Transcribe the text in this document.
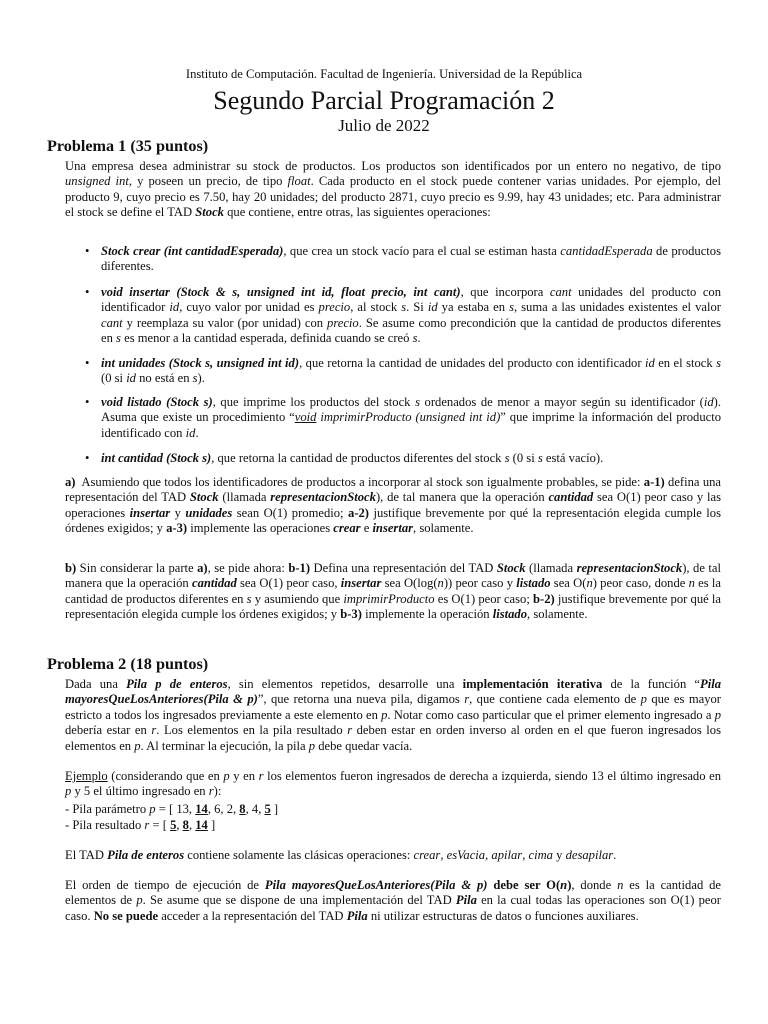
Instituto de Computación. Facultad de Ingeniería. Universidad de la República
Segundo Parcial Programación 2
Julio de 2022
Problema 1 (35 puntos)
Una empresa desea administrar su stock de productos. Los productos son identificados por un entero no negativo, de tipo unsigned int, y poseen un precio, de tipo float. Cada producto en el stock puede contener varias unidades. Por ejemplo, del producto 9, cuyo precio es 7.50, hay 20 unidades; del producto 2871, cuyo precio es 9.99, hay 43 unidades; etc. Para administrar el stock se define el TAD Stock que contiene, entre otras, las siguientes operaciones:
• Stock crear (int cantidadEsperada), que crea un stock vacío para el cual se estiman hasta cantidadEsperada de productos diferentes.
• void insertar (Stock & s, unsigned int id, float precio, int cant), que incorpora cant unidades del producto con identificador id, cuyo valor por unidad es precio, al stock s. Si id ya estaba en s, suma a las unidades existentes el valor cant y reemplaza su valor (por unidad) con precio. Se asume como precondición que la cantidad de productos diferentes en s es menor a la cantidad esperada, definida cuando se creó s.
• int unidades (Stock s, unsigned int id), que retorna la cantidad de unidades del producto con identificador id en el stock s (0 si id no está en s).
• void listado (Stock s), que imprime los productos del stock s ordenados de menor a mayor según su identificador (id). Asuma que existe un procedimiento “void imprimirProducto (unsigned int id)” que imprime la información del producto identificado con id.
• int cantidad (Stock s), que retorna la cantidad de productos diferentes del stock s (0 si s está vacío).
a)  Asumiendo que todos los identificadores de productos a incorporar al stock son igualmente probables, se pide: a-1) defina una representación del TAD Stock (llamada representacionStock), de tal manera que la operación cantidad sea O(1) peor caso y las operaciones insertar y unidades sean O(1) promedio; a-2) justifique brevemente por qué la representación elegida cumple los órdenes exigidos; y a-3) implemente las operaciones crear e insertar, solamente.
b) Sin considerar la parte a), se pide ahora: b-1) Defina una representación del TAD Stock (llamada representacionStock), de tal manera que la operación cantidad sea O(1) peor caso, insertar sea O(log(n)) peor caso y listado sea O(n) peor caso, donde n es la cantidad de productos diferentes en s y asumiendo que imprimirProducto es O(1) peor caso; b-2) justifique brevemente por qué la representación elegida cumple los órdenes exigidos; y b-3) implemente la operación listado, solamente.
Problema 2 (18 puntos)
Dada una Pila p de enteros, sin elementos repetidos, desarrolle una implementación iterativa de la función “Pila mayoresQueLosAnteriores(Pila & p)”, que retorna una nueva pila, digamos r, que contiene cada elemento de p que es mayor estricto a todos los ingresados previamente a este elemento en p. Notar como caso particular que el primer elemento ingresado a p debería estar en r. Los elementos en la pila resultado r deben estar en orden inverso al orden en el que fueron ingresados los elementos en p. Al terminar la ejecución, la pila p debe quedar vacía.
Ejemplo (considerando que en p y en r los elementos fueron ingresados de derecha a izquierda, siendo 13 el último ingresado en p y 5 el último ingresado en r):
- Pila parámetro p = [ 13, 14, 6, 2, 8, 4, 5 ]
- Pila resultado r = [ 5, 8, 14 ]
El TAD Pila de enteros contiene solamente las clásicas operaciones: crear, esVacia, apilar, cima y desapilar.
El orden de tiempo de ejecución de Pila mayoresQueLosAnteriores(Pila & p) debe ser O(n), donde n es la cantidad de elementos de p. Se asume que se dispone de una implementación del TAD Pila en la cual todas las operaciones son O(1) peor caso. No se puede acceder a la representación del TAD Pila ni utilizar estructuras de datos o funciones auxiliares.
